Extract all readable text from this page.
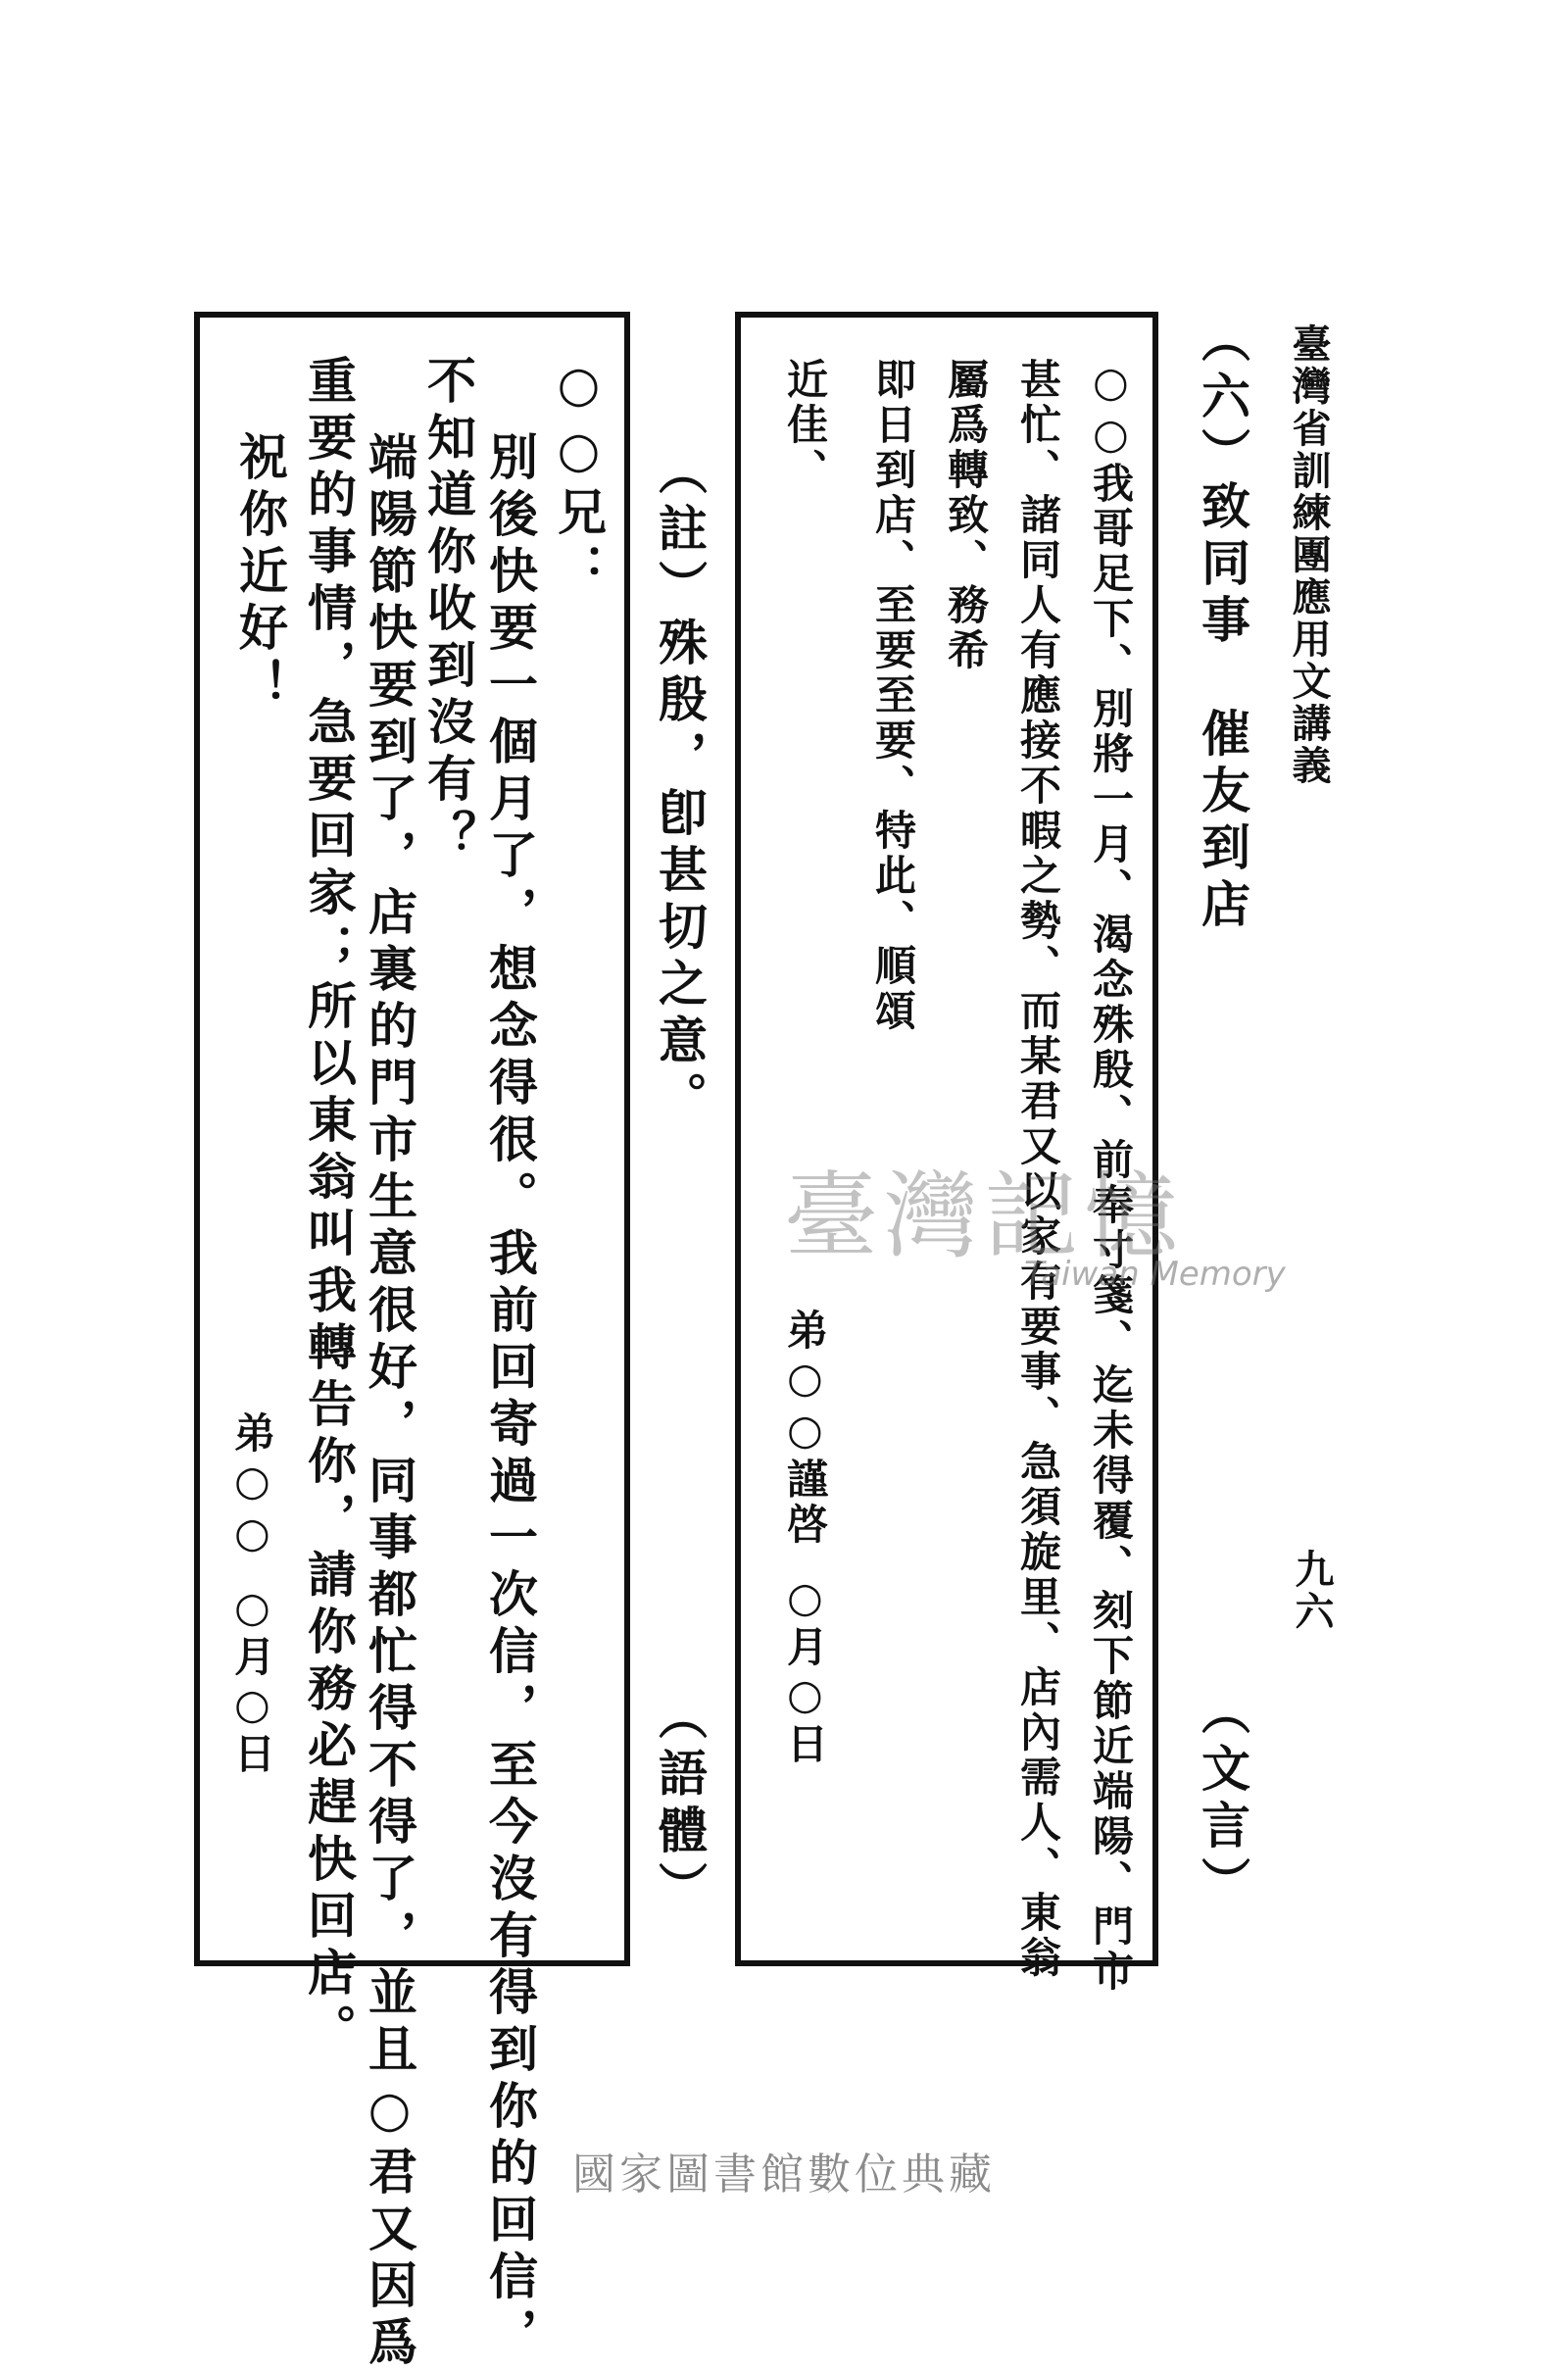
臺灣省訓練團應用文講義
九六
（六）
致同事　催友到店
（文言）
○○我哥足下、別將一月、渴念殊殷、前奉寸箋、迄未得覆、刻下節近端陽、門市
甚忙、諸同人有應接不暇之勢、而某君又以家有要事、急須旋里、店內需人、東翁
屬爲轉致、務希
即日到店、至要至要、特此、順頌
近佳、
弟○○謹啓
○月○日
（註）殊殷，卽甚切之意。
（語體）
○○兄：
別後快要一個月了，想念得很。我前回寄過一次信，至今沒有得到你的回信，
不知道你收到沒有？
端陽節快要到了，店裏的門市生意很好，同事都忙得不得了，並且○君又因爲
重要的事情，急要回家；所以東翁叫我轉告你，請你務必趕快回店。
祝你近好！
弟○○
○月○日
臺灣記憶
Taiwan Memory
國家圖書館數位典藏
